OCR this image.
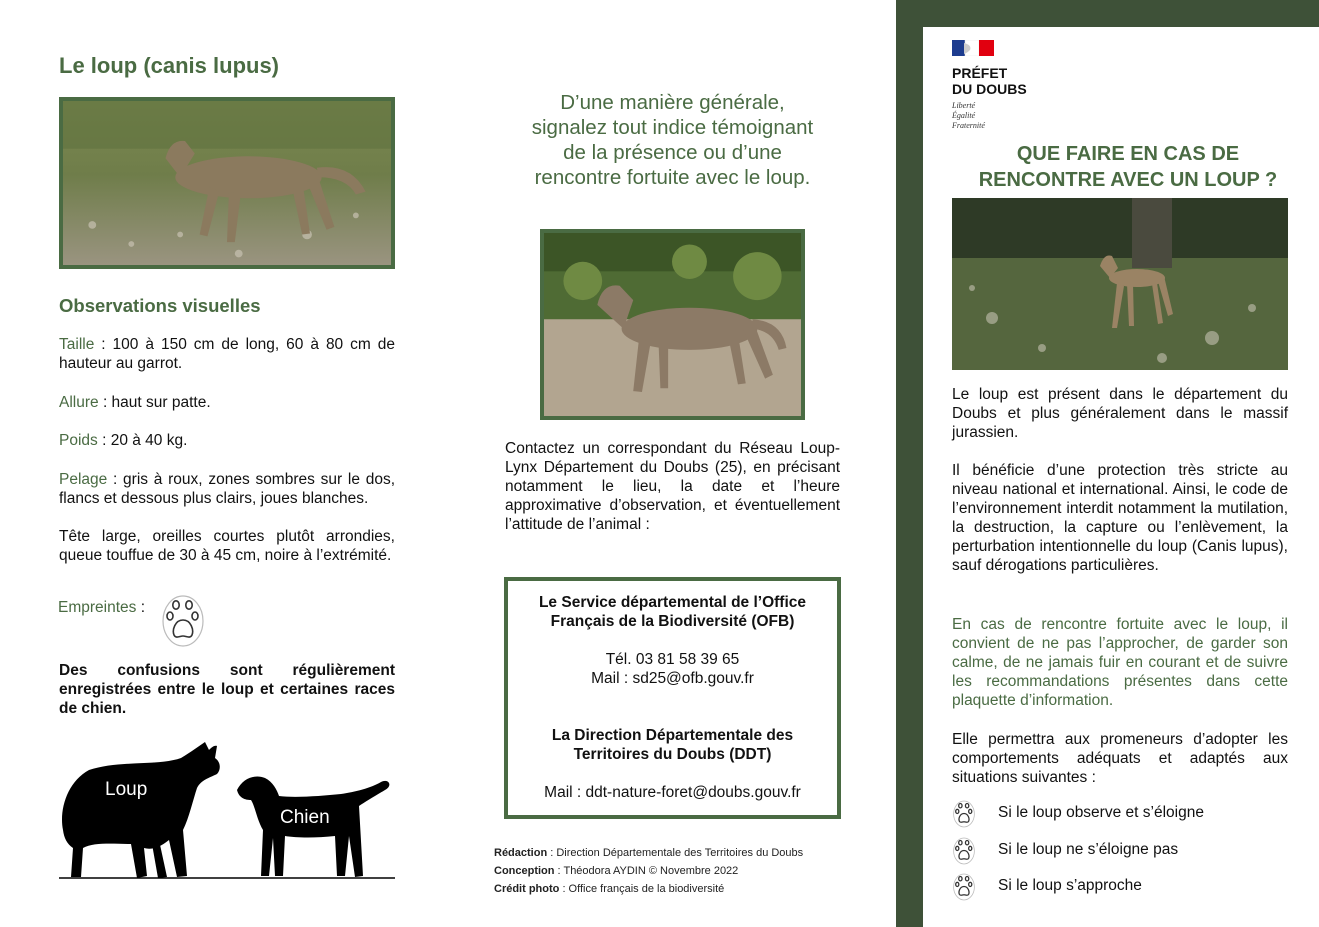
Le loup (canis lupus)
Observations visuelles
Taille : 100 à 150 cm de long, 60 à 80 cm de hauteur au garrot.
Allure : haut sur patte.
Poids : 20 à 40 kg.
Pelage : gris à roux, zones sombres sur le dos, flancs et dessous plus clairs, joues blanches.
Tête large, oreilles courtes plutôt arrondies, queue touffue de 30 à 45 cm, noire à l’extrémité.
Empreintes :
Des confusions sont régulièrement enregistrées entre le loup et certaines races de chien.
Loup
Chien
D’une manière générale,
signalez tout indice témoignant
de la présence ou d’une
rencontre fortuite avec le loup.
Contactez un correspondant du Réseau Loup-Lynx Département du Doubs (25), en précisant notamment le lieu, la date et l’heure approximative d’observation, et éventuellement l’attitude de l’animal :
Le Service départemental de l’Office
Français de la Biodiversité (OFB)
Tél. 03 81 58 39 65
Mail : sd25@ofb.gouv.fr
La Direction Départementale des
Territoires du Doubs (DDT)
Mail : ddt-nature-foret@doubs.gouv.fr
Rédaction : Direction Départementale des Territoires du Doubs
Conception : Théodora AYDIN © Novembre 2022
Crédit photo : Office français de la biodiversité
PRÉFET
DU DOUBS
Liberté
Égalité
Fraternité
QUE FAIRE EN CAS DE
RENCONTRE AVEC UN LOUP ?
Le loup est présent dans le département du Doubs et plus généralement dans le massif jurassien.
Il bénéficie d’une protection très stricte au niveau national et international. Ainsi, le code de l’environnement interdit notamment la mutilation, la destruction, la capture ou l’enlèvement, la perturbation intentionnelle du loup (Canis lupus), sauf dérogations particulières.
En cas de rencontre fortuite avec le loup, il convient de ne pas l’approcher, de garder son calme, de ne jamais fuir en courant et de suivre les recommandations présentes dans cette plaquette d’information.
Elle permettra aux promeneurs d’adopter les comportements adéquats et adaptés aux situations suivantes :
Si le loup observe et s’éloigne
Si le loup ne s’éloigne pas
Si le loup s’approche
